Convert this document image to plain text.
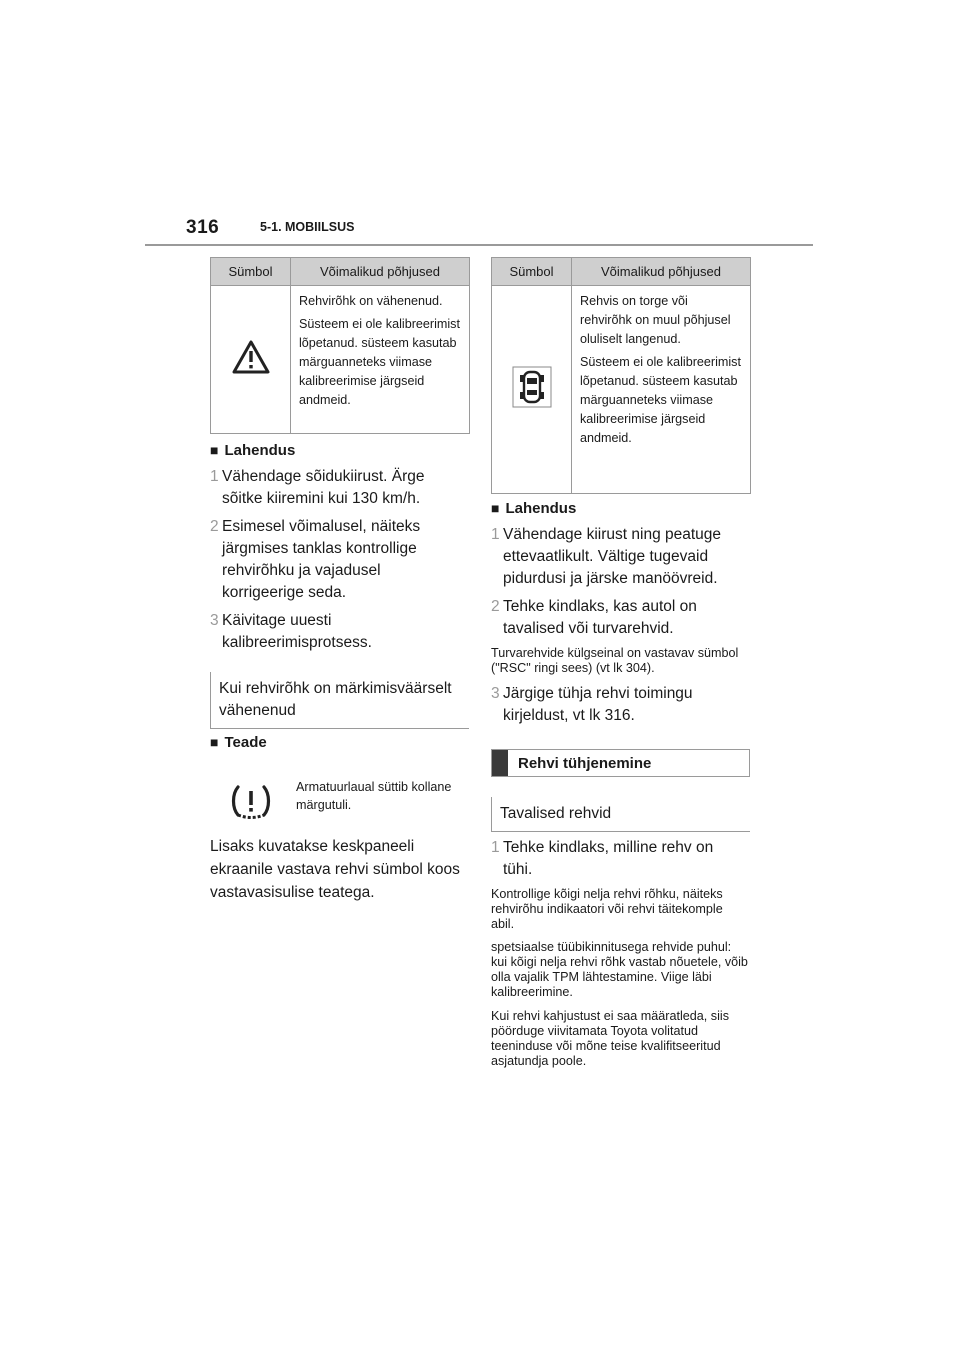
316	5-1. MOBIILSUS
Sümbol	Võimalikud põhjused

Rehvirõhk on vähenenud.

Süsteem ei ole kalibreerimist lõpetanud. süsteem kasutab märguanneteks viimase kalibreerimise järgseid andmeid.

■ Lahendus
1 Vähendage sõidukiirust. Ärge sõitke kiiremini kui 130 km/h.
2 Esimesel võimalusel, näiteks järgmises tanklas kontrollige rehvirõhku ja vajadusel korrigeerige seda.
3 Käivitage uuesti kalibreerimisprotsess.
Kui rehvirõhk on märkimisväärselt vähenenud
■ Teade
Armatuurlaual süttib kollane märgutuli.
Lisaks kuvatakse keskpaneeli ekraanile vastava rehvi sümbol koos vastavasisulise teatega.
Sümbol	Võimalikud põhjused

Rehvis on torge või rehvirõhk on muul põhjusel oluliselt langenud.

Süsteem ei ole kalibreerimist lõpetanud. süsteem kasutab märguanneteks viimase kalibreerimise järgseid andmeid.

■ Lahendus
1 Vähendage kiirust ning peatuge ettevaatlikult. Vältige tugevaid pidurdusi ja järske manöövreid.
2 Tehke kindlaks, kas autol on tavalised või turvarehvid.
Turvarehvide külgseinal on vastavav sümbol ("RSC" ringi sees) (vt lk 304).
3 Järgige tühja rehvi toimingu kirjeldust, vt lk 316.
Rehvi tühjenemine
Tavalised rehvid
1 Tehke kindlaks, milline rehv on tühi.
Kontrollige kõigi nelja rehvi rõhku, näiteks rehvirõhu indikaatori või rehvi täitekomple abil.
spetsiaalse tüübikinnitusega rehvide puhul: kui kõigi nelja rehvi rõhk vastab nõuetele, võib olla vajalik TPM lähtestamine. Viige läbi kalibreerimine.
Kui rehvi kahjustust ei saa määratleda, siis pöörduge viivitamata Toyota volitatud teeninduse või mõne teise kvalifitseeritud asjatundja poole.
